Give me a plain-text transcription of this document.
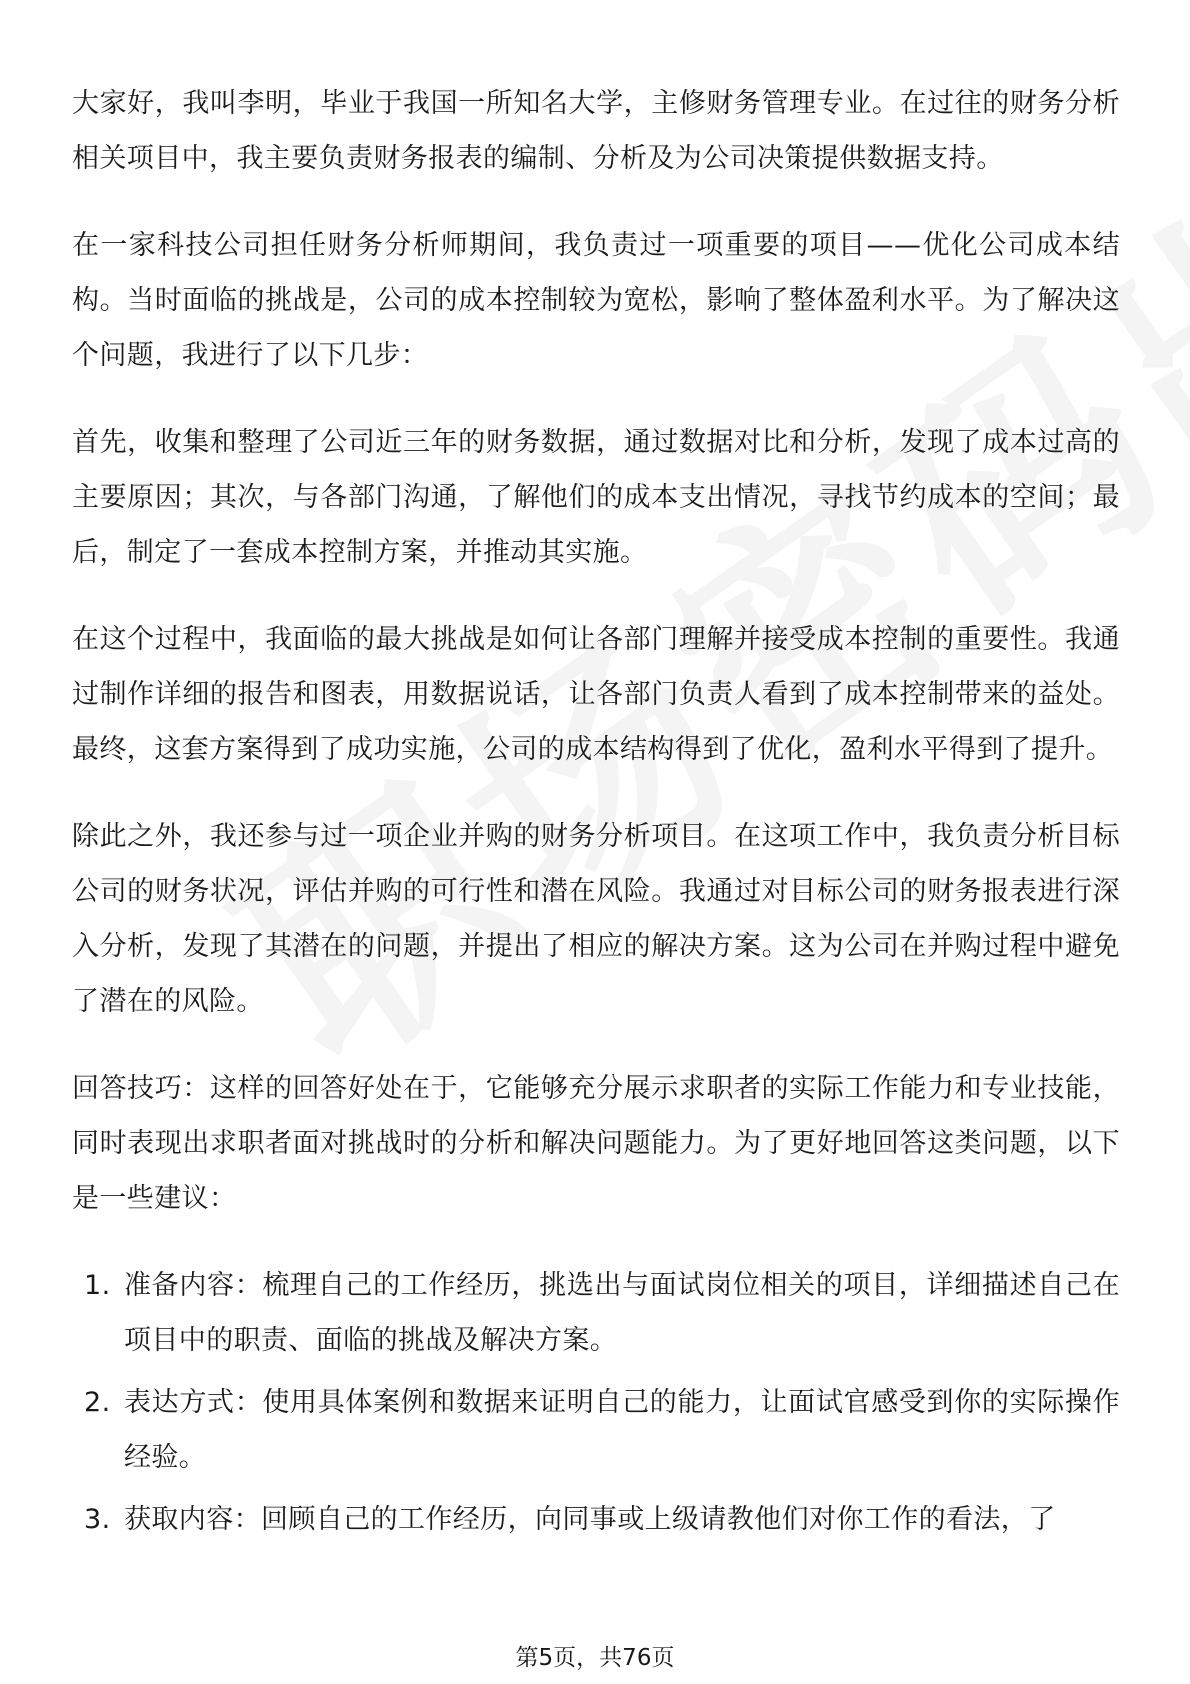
大家好，我叫李明，毕业于我国一所知名大学，主修财务管理专业。在过往的财务分析相关项目中，我主要负责财务报表的编制、分析及为公司决策提供数据支持。

在一家科技公司担任财务分析师期间，我负责过一项重要的项目——优化公司成本结构。当时面临的挑战是，公司的成本控制较为宽松，影响了整体盈利水平。为了解决这个问题，我进行了以下几步：

首先，收集和整理了公司近三年的财务数据，通过数据对比和分析，发现了成本过高的主要原因；其次，与各部门沟通，了解他们的成本支出情况，寻找节约成本的空间；最后，制定了一套成本控制方案，并推动其实施。

在这个过程中，我面临的最大挑战是如何让各部门理解并接受成本控制的重要性。我通过制作详细的报告和图表，用数据说话，让各部门负责人看到了成本控制带来的益处。最终，这套方案得到了成功实施，公司的成本结构得到了优化，盈利水平得到了提升。

除此之外，我还参与过一项企业并购的财务分析项目。在这项工作中，我负责分析目标公司的财务状况，评估并购的可行性和潜在风险。我通过对目标公司的财务报表进行深入分析，发现了其潜在的问题，并提出了相应的解决方案。这为公司在并购过程中避免了潜在的风险。

回答技巧：这样的回答好处在于，它能够充分展示求职者的实际工作能力和专业技能，同时表现出求职者面对挑战时的分析和解决问题能力。为了更好地回答这类问题，以下是一些建议：

1. 准备内容：梳理自己的工作经历，挑选出与面试岗位相关的项目，详细描述自己在项目中的职责、面临的挑战及解决方案。
2. 表达方式：使用具体案例和数据来证明自己的能力，让面试官感受到你的实际操作经验。
3. 获取内容：回顾自己的工作经历，向同事或上级请教他们对你工作的看法，了
第5页，共76页
